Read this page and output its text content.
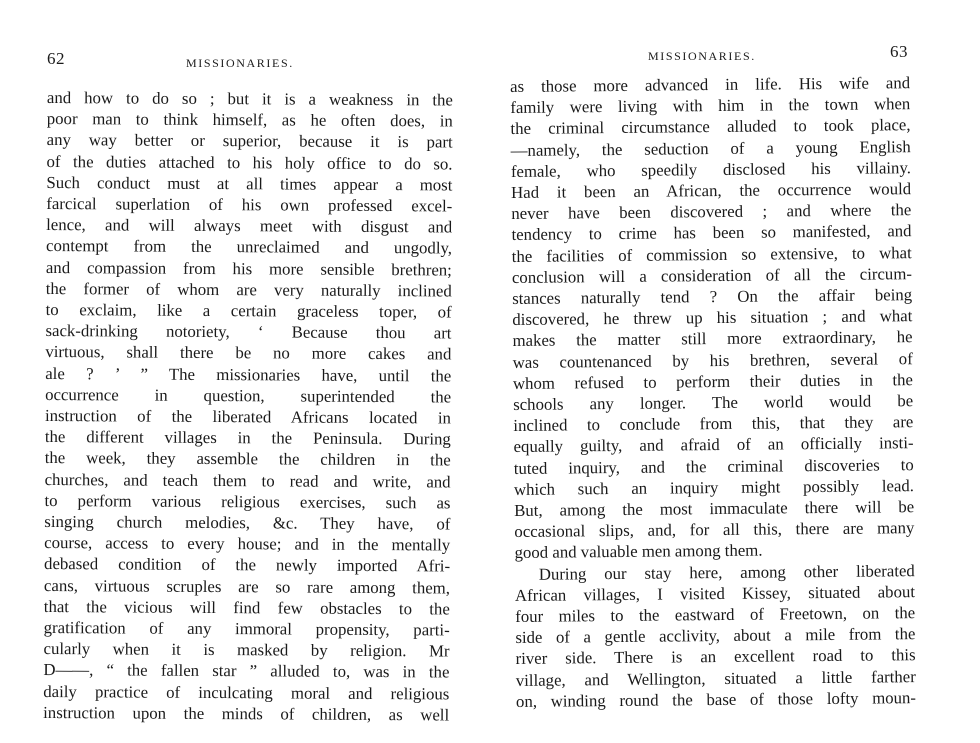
62	MISSIONARIES.
and how to do so ; but it is a weakness in the
poor man to think himself, as he often does, in
any way better or superior, because it is part
of the duties attached to his holy office to do so.
Such conduct must at all times appear a most
farcical superlation of his own professed excel-
lence, and will always meet with disgust and
contempt from the unreclaimed and ungodly,
and compassion from his more sensible brethren;
the former of whom are very naturally inclined
to exclaim, like a certain graceless toper, of
sack-drinking notoriety, ‘ Because thou art
virtuous, shall there be no more cakes and
ale ? ’ ” The missionaries have, until the
occurrence in question, superintended the
instruction of the liberated Africans located in
the different villages in the Peninsula. During
the week, they assemble the children in the
churches, and teach them to read and write, and
to perform various religious exercises, such as
singing church melodies, &c. They have, of
course, access to every house; and in the mentally
debased condition of the newly imported Afri-
cans, virtuous scruples are so rare among them,
that the vicious will find few obstacles to the
gratification of any immoral propensity, parti-
cularly when it is masked by religion. Mr
D——, “ the fallen star ” alluded to, was in the
daily practice of inculcating moral and religious
instruction upon the minds of children, as well
63
MISSIONARIES.
as those more advanced in life. His wife and
family were living with him in the town when
the criminal circumstance alluded to took place,
—namely, the seduction of a young English
female, who speedily disclosed his villainy.
Had it been an African, the occurrence would
never have been discovered ; and where the
tendency to crime has been so manifested, and
the facilities of commission so extensive, to what
conclusion will a consideration of all the circum-
stances naturally tend ? On the affair being
discovered, he threw up his situation ; and what
makes the matter still more extraordinary, he
was countenanced by his brethren, several of
whom refused to perform their duties in the
schools any longer. The world would be
inclined to conclude from this, that they are
equally guilty, and afraid of an officially insti-
tuted inquiry, and the criminal discoveries to
which such an inquiry might possibly lead.
But, among the most immaculate there will be
occasional slips, and, for all this, there are many
good and valuable men among them.
During our stay here, among other liberated
African villages, I visited Kissey, situated about
four miles to the eastward of Freetown, on the
side of a gentle acclivity, about a mile from the
river side. There is an excellent road to this
village, and Wellington, situated a little farther
on, winding round the base of those lofty moun-
